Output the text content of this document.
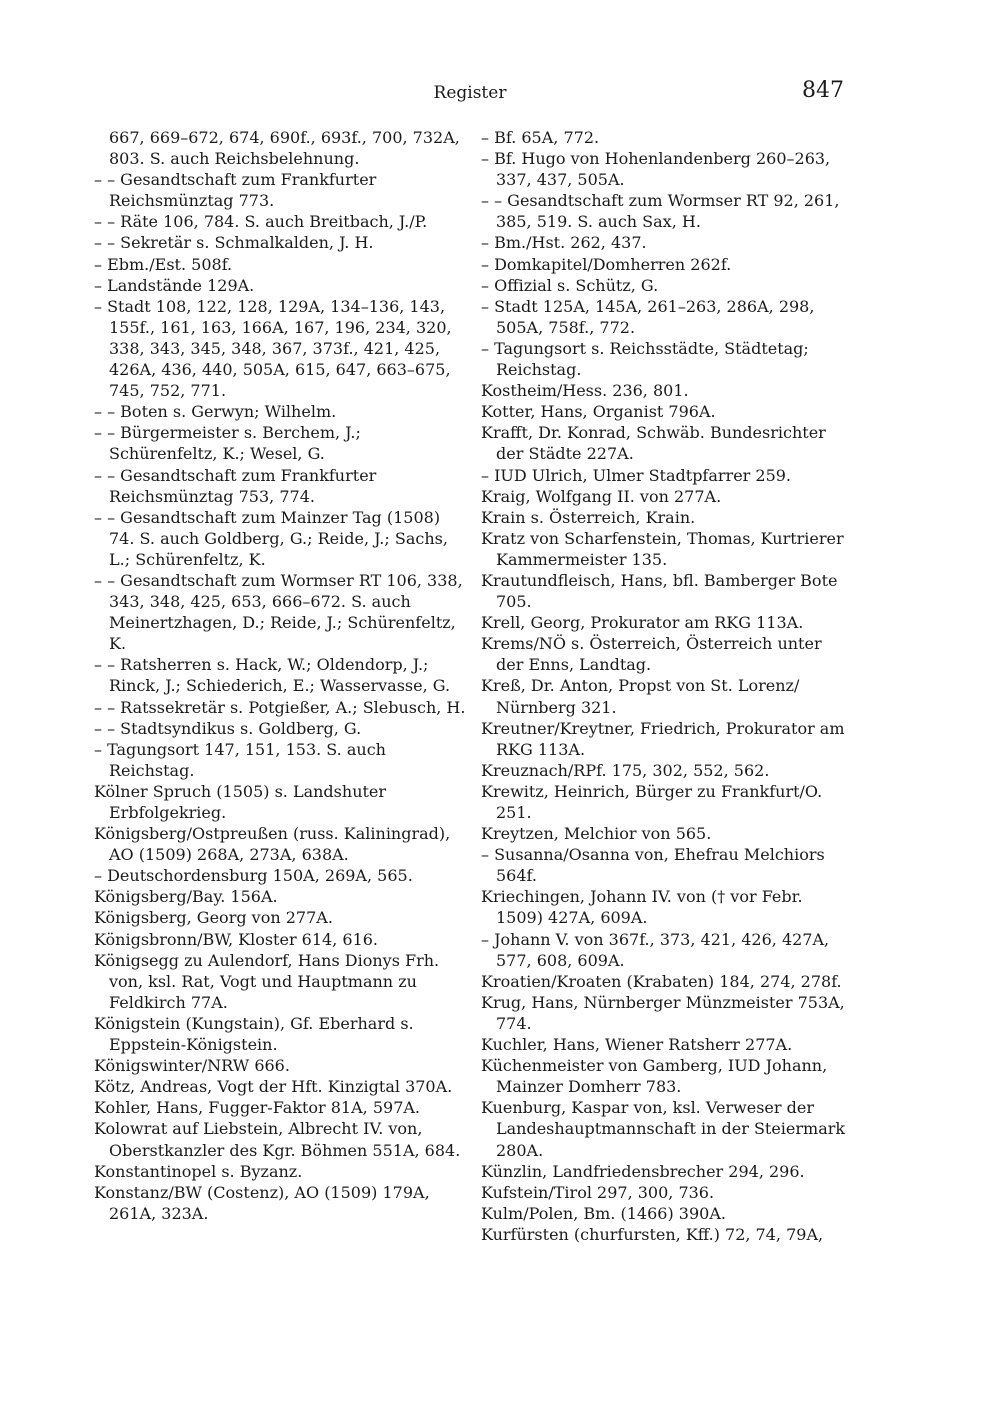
Register	847

667, 669–672, 674, 690f., 693f., 700, 732A, 803. S. auch Reichsbelehnung.

– – Gesandtschaft zum Frankfurter Reichsmünztag 773.

– – Räte 106, 784. S. auch Breitbach, J./P.

– – Sekretär s. Schmalkalden, J. H.

– Ebm./Est. 508f.

– Landstände 129A.

– Stadt 108, 122, 128, 129A, 134–136, 143, 155f., 161, 163, 166A, 167, 196, 234, 320, 338, 343, 345, 348, 367, 373f., 421, 425, 426A, 436, 440, 505A, 615, 647, 663–675, 745, 752, 771.

– – Boten s. Gerwyn; Wilhelm.

– – Bürgermeister s. Berchem, J.; Schürenfeltz, K.; Wesel, G.

– – Gesandtschaft zum Frankfurter Reichsmünztag 753, 774.

– – Gesandtschaft zum Mainzer Tag (1508) 74. S. auch Goldberg, G.; Reide, J.; Sachs, L.; Schürenfeltz, K.

– – Gesandtschaft zum Wormser RT 106, 338, 343, 348, 425, 653, 666–672. S. auch Meinertzhagen, D.; Reide, J.; Schürenfeltz, K.

– – Ratsherren s. Hack, W.; Oldendorp, J.; Rinck, J.; Schiederich, E.; Wasservasse, G.

– – Ratssekretär s. Potgießer, A.; Slebusch, H.

– – Stadtsyndikus s. Goldberg, G.

– Tagungsort 147, 151, 153. S. auch Reichstag.

Kölner Spruch (1505) s. Landshuter Erbfolgekrieg.

Königsberg/Ostpreußen (russ. Kaliningrad), AO (1509) 268A, 273A, 638A.

– Deutschordensburg 150A, 269A, 565.

Königsberg/Bay. 156A.

Königsberg, Georg von 277A.

Königsbronn/BW, Kloster 614, 616.

Königsegg zu Aulendorf, Hans Dionys Frh. von, ksl. Rat, Vogt und Hauptmann zu Feldkirch 77A.

Königstein (Kungstain), Gf. Eberhard s. Eppstein-Königstein.

Königswinter/NRW 666.

Kötz, Andreas, Vogt der Hft. Kinzigtal 370A.

Kohler, Hans, Fugger-Faktor 81A, 597A.

Kolowrat auf Liebstein, Albrecht IV. von, Oberstkanzler des Kgr. Böhmen 551A, 684.

Konstantinopel s. Byzanz.

Konstanz/BW (Costenz), AO (1509) 179A, 261A, 323A.

– Bf. 65A, 772.

– Bf. Hugo von Hohenlandenberg 260–263, 337, 437, 505A.

– – Gesandtschaft zum Wormser RT 92, 261, 385, 519. S. auch Sax, H.

– Bm./Hst. 262, 437.

– Domkapitel/Domherren 262f.

– Offizial s. Schütz, G.

– Stadt 125A, 145A, 261–263, 286A, 298, 505A, 758f., 772.

– Tagungsort s. Reichsstädte, Städtetag; Reichstag.

Kostheim/Hess. 236, 801.

Kotter, Hans, Organist 796A.

Krafft, Dr. Konrad, Schwäb. Bundesrichter der Städte 227A.

– IUD Ulrich, Ulmer Stadtpfarrer 259.

Kraig, Wolfgang II. von 277A.

Krain s. Österreich, Krain.

Kratz von Scharfenstein, Thomas, Kurtrierer Kammermeister 135.

Krautundfleisch, Hans, bfl. Bamberger Bote 705.

Krell, Georg, Prokurator am RKG 113A.

Krems/NÖ s. Österreich, Österreich unter der Enns, Landtag.

Kreß, Dr. Anton, Propst von St. Lorenz/ Nürnberg 321.

Kreutner/Kreytner, Friedrich, Prokurator am RKG 113A.

Kreuznach/RPf. 175, 302, 552, 562.

Krewitz, Heinrich, Bürger zu Frankfurt/O. 251.

Kreytzen, Melchior von 565.

– Susanna/Osanna von, Ehefrau Melchiors 564f.

Kriechingen, Johann IV. von († vor Febr. 1509) 427A, 609A.

– Johann V. von 367f., 373, 421, 426, 427A, 577, 608, 609A.

Kroatien/Kroaten (Krabaten) 184, 274, 278f.

Krug, Hans, Nürnberger Münzmeister 753A, 774.

Kuchler, Hans, Wiener Ratsherr 277A.

Küchenmeister von Gamberg, IUD Johann, Mainzer Domherr 783.

Kuenburg, Kaspar von, ksl. Verweser der Landeshauptmannschaft in der Steiermark 280A.

Künzlin, Landfriedensbrecher 294, 296.

Kufstein/Tirol 297, 300, 736.

Kulm/Polen, Bm. (1466) 390A.

Kurfürsten (churfursten, Kff.) 72, 74, 79A,
